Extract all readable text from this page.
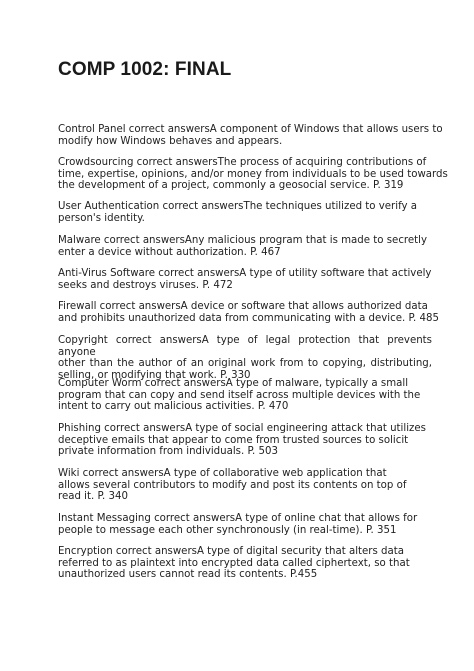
COMP 1002: FINAL

Control Panel correct answersA component of Windows that allows users to
modify how Windows behaves and appears.

Crowdsourcing correct answersThe process of acquiring contributions of
time, expertise, opinions, and/or money from individuals to be used towards
the development of a project, commonly a geosocial service. P. 319

User Authentication correct answersThe techniques utilized to verify a
person's identity.

Malware correct answersAny malicious program that is made to secretly
enter a device without authorization. P. 467

Anti-Virus Software correct answersA type of utility software that actively
seeks and destroys viruses. P. 472

Firewall correct answersA device or software that allows authorized data
and prohibits unauthorized data from communicating with a device. P. 485

Copyright correct answersA type of legal protection that prevents anyone
other than the author of an original work from to copying, distributing,
selling, or modifying that work. P. 330

Computer Worm correct answersA type of malware, typically a small
program that can copy and send itself across multiple devices with the
intent to carry out malicious activities. P. 470

Phishing correct answersA type of social engineering attack that utilizes
deceptive emails that appear to come from trusted sources to solicit
private information from individuals. P. 503

Wiki correct answersA type of collaborative web application that
allows several contributors to modify and post its contents on top of
read it. P. 340

Instant Messaging correct answersA type of online chat that allows for
people to message each other synchronously (in real-time). P. 351

Encryption correct answersA type of digital security that alters data
referred to as plaintext into encrypted data called ciphertext, so that
unauthorized users cannot read its contents. P.455
